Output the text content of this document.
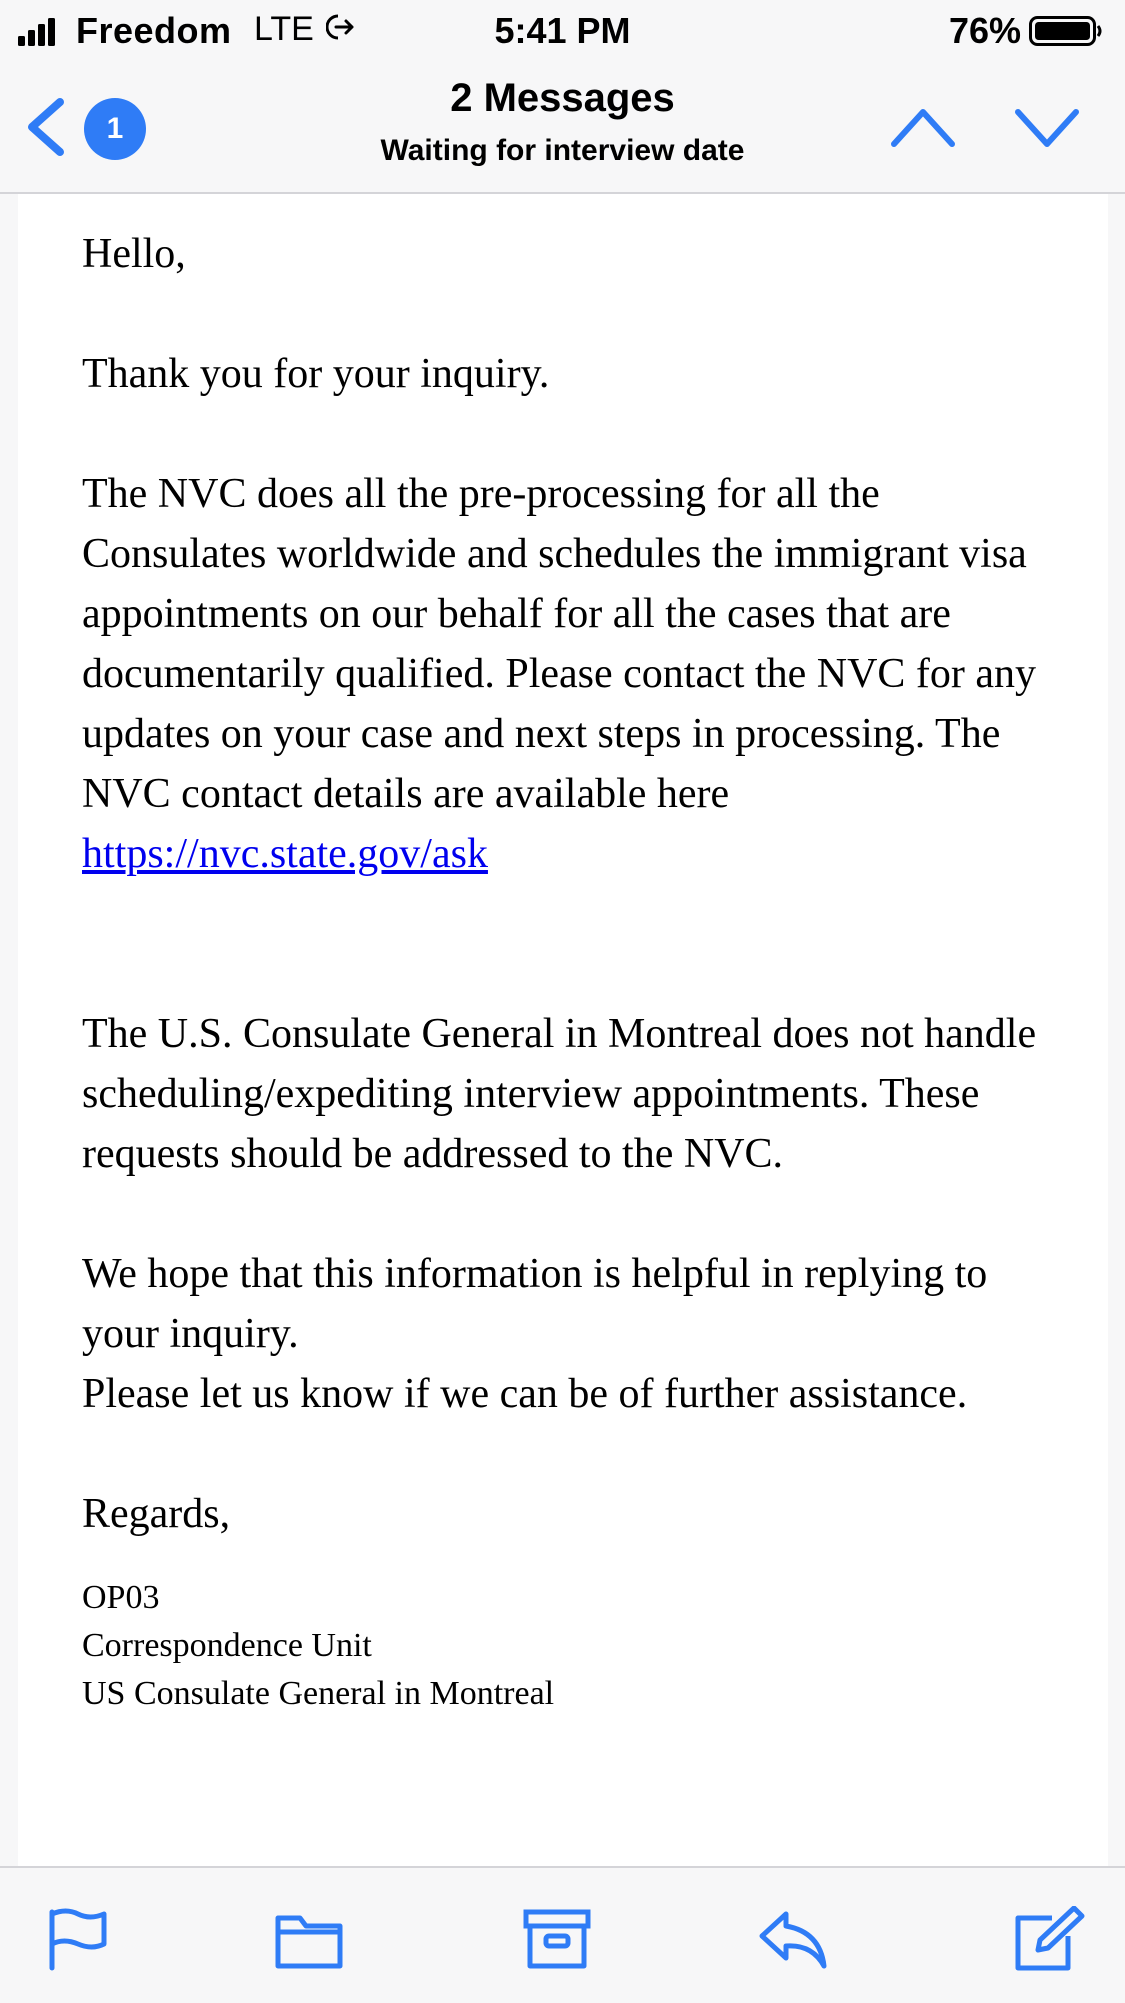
Freedom LTE	5:41 PM	76%
1
2 Messages
Waiting for interview date

Hello,

Thank you for your inquiry.

The NVC does all the pre-processing for all the Consulates worldwide and schedules the immigrant visa appointments on our behalf for all the cases that are documentarily qualified. Please contact the NVC for any updates on your case and next steps in processing. The NVC contact details are available here https://nvc.state.gov/ask

The U.S. Consulate General in Montreal does not handle scheduling/expediting interview appointments. These requests should be addressed to the NVC.

We hope that this information is helpful in replying to your inquiry.
Please let us know if we can be of further assistance.

Regards,

OP03
Correspondence Unit
US Consulate General in Montreal
